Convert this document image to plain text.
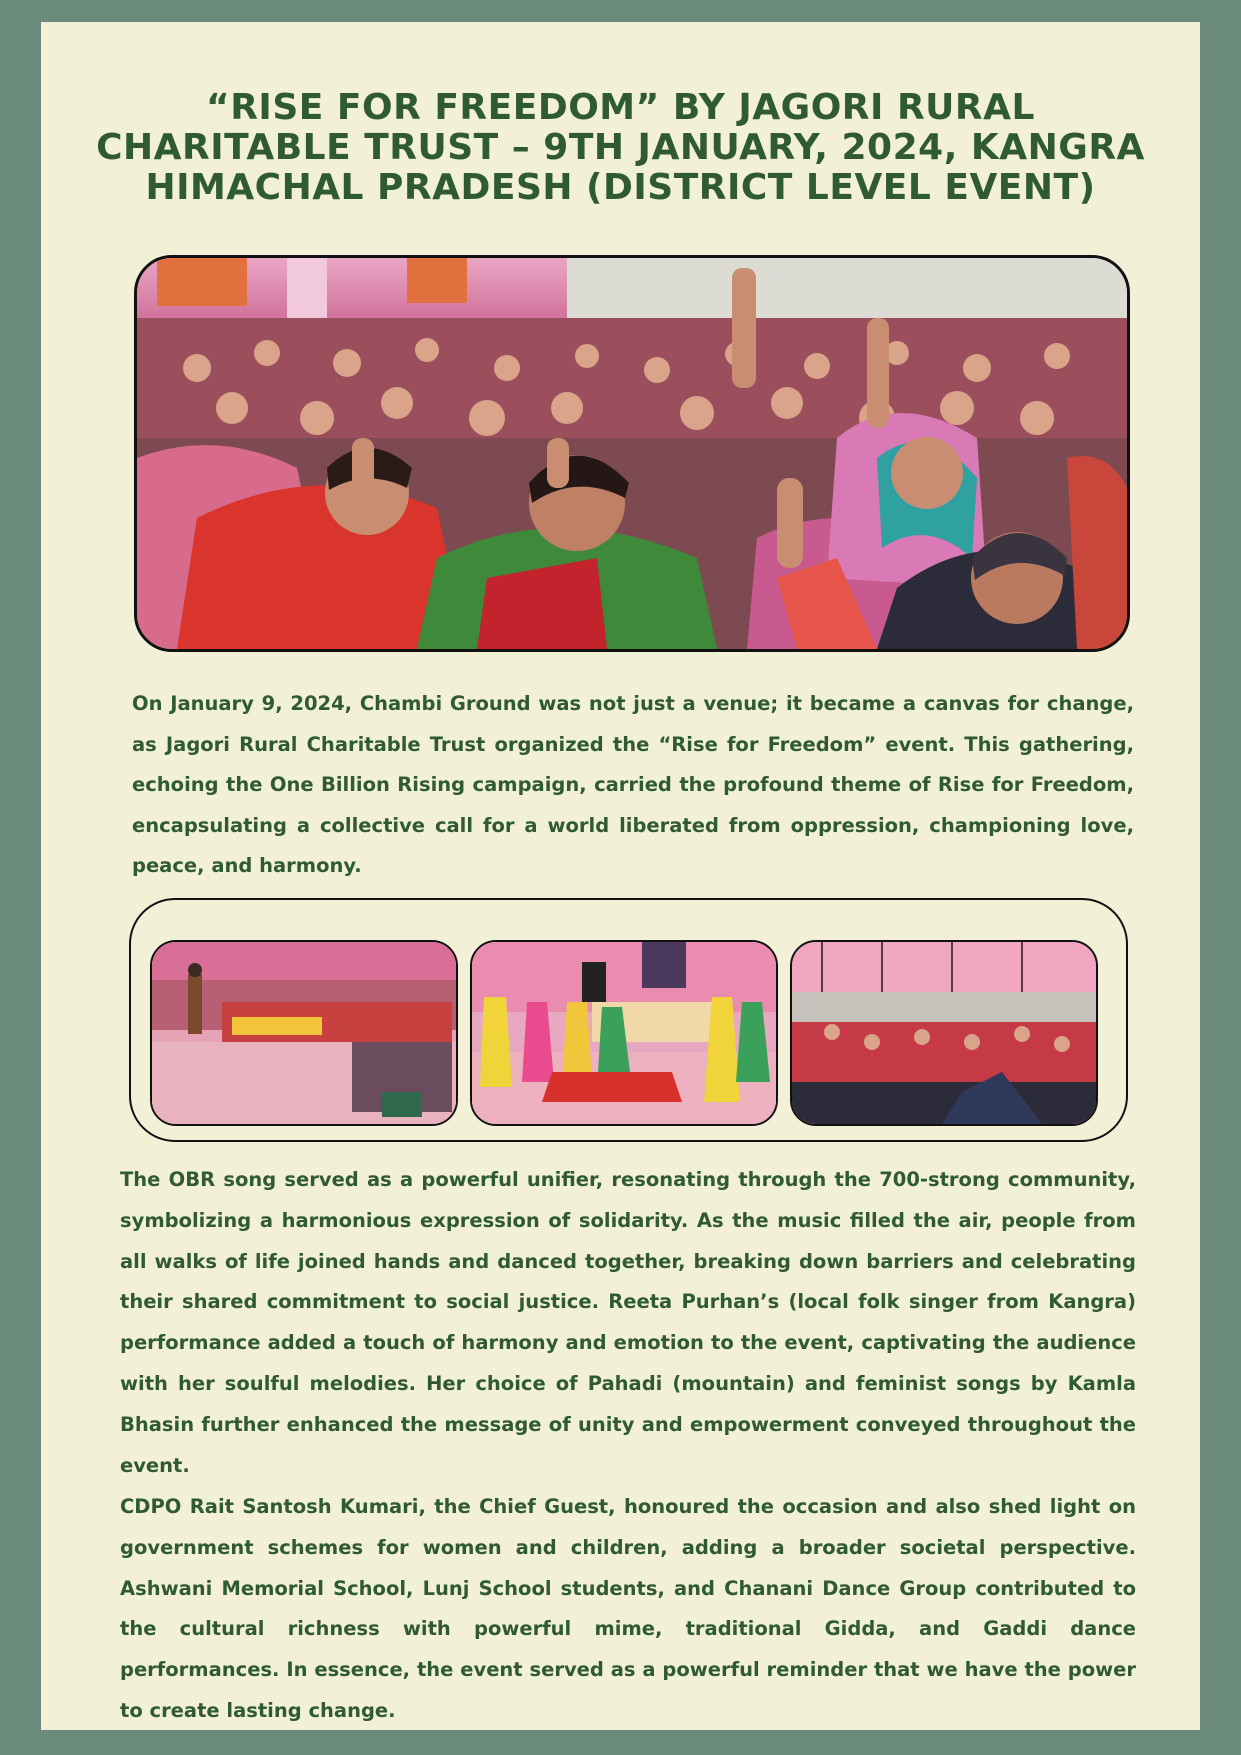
“RISE FOR FREEDOM” BY JAGORI RURAL CHARITABLE TRUST – 9TH JANUARY, 2024, KANGRA HIMACHAL PRADESH (DISTRICT LEVEL EVENT)

On January 9, 2024, Chambi Ground was not just a venue; it became a canvas for change, as Jagori Rural Charitable Trust organized the “Rise for Freedom” event. This gathering, echoing the One Billion Rising campaign, carried the profound theme of Rise for Freedom, encapsulating a collective call for a world liberated from oppression, championing love, peace, and harmony.

The OBR song served as a powerful unifier, resonating through the 700-strong community, symbolizing a harmonious expression of solidarity. As the music filled the air, people from all walks of life joined hands and danced together, breaking down barriers and celebrating their shared commitment to social justice. Reeta Purhan’s (local folk singer from Kangra) performance added a touch of harmony and emotion to the event, captivating the audience with her soulful melodies. Her choice of Pahadi (mountain) and feminist songs by Kamla Bhasin further enhanced the message of unity and empowerment conveyed throughout the event.

CDPO Rait Santosh Kumari, the Chief Guest, honoured the occasion and also shed light on government schemes for women and children, adding a broader societal perspective. Ashwani Memorial School, Lunj School students, and Chanani Dance Group contributed to the cultural richness with powerful mime, traditional Gidda, and Gaddi dance performances. In essence, the event served as a powerful reminder that we have the power to create lasting change.
